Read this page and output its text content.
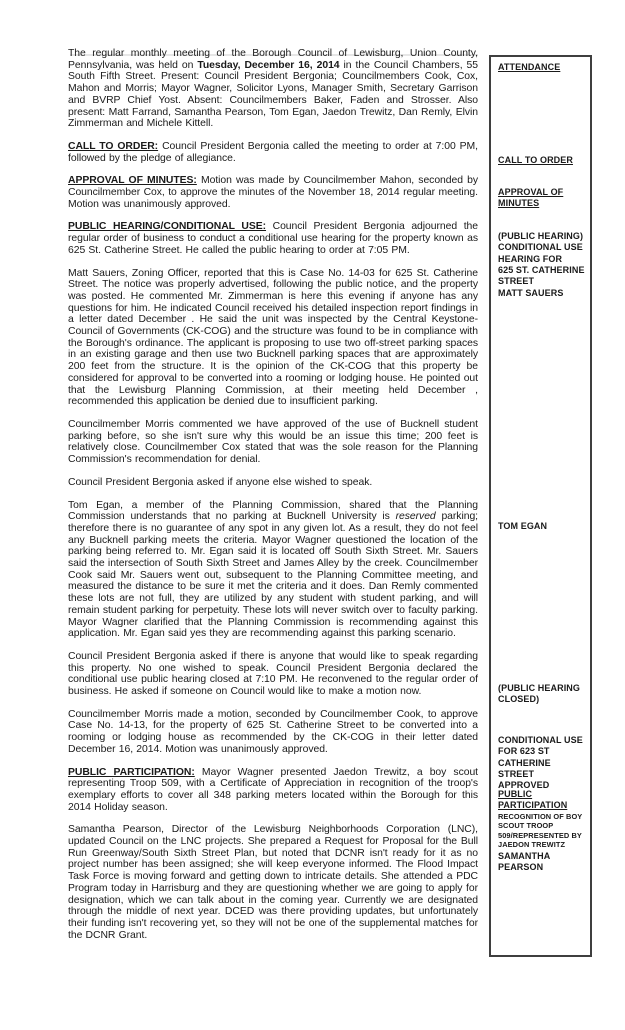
The regular monthly meeting of the Borough Council of Lewisburg, Union County, Pennsylvania, was held on Tuesday, December 16, 2014 in the Council Chambers, 55 South Fifth Street. Present: Council President Bergonia; Councilmembers Cook, Cox, Mahon and Morris; Mayor Wagner, Solicitor Lyons, Manager Smith, Secretary Garrison and BVRP Chief Yost. Absent: Councilmembers Baker, Faden and Strosser. Also present: Matt Farrand, Samantha Pearson, Tom Egan, Jaedon Trewitz, Dan Remly, Elvin Zimmerman and Michele Kittell.

CALL TO ORDER: Council President Bergonia called the meeting to order at 7:00 PM, followed by the pledge of allegiance.

APPROVAL OF MINUTES: Motion was made by Councilmember Mahon, seconded by Councilmember Cox, to approve the minutes of the November 18, 2014 regular meeting. Motion was unanimously approved.

PUBLIC HEARING/CONDITIONAL USE: Council President Bergonia adjourned the regular order of business to conduct a conditional use hearing for the property known as 625 St. Catherine Street. He called the public hearing to order at 7:05 PM.

Matt Sauers, Zoning Officer, reported that this is Case No. 14-03 for 625 St. Catherine Street. The notice was properly advertised, following the public notice, and the property was posted. He commented Mr. Zimmerman is here this evening if anyone has any questions for him. He indicated Council received his detailed inspection report findings in a letter dated December . He said the unit was inspected by the Central Keystone-Council of Governments (CK-COG) and the structure was found to be in compliance with the Borough's ordinance. The applicant is proposing to use two off-street parking spaces in an existing garage and then use two Bucknell parking spaces that are approximately 200 feet from the structure. It is the opinion of the CK-COG that this property be considered for approval to be converted into a rooming or lodging house. He pointed out that the Lewisburg Planning Commission, at their meeting held December , recommended this application be denied due to insufficient parking.

Councilmember Morris commented we have approved of the use of Bucknell student parking before, so she isn't sure why this would be an issue this time; 200 feet is relatively close. Councilmember Cox stated that was the sole reason for the Planning Commission's recommendation for denial.

Council President Bergonia asked if anyone else wished to speak.

Tom Egan, a member of the Planning Commission, shared that the Planning Commission understands that no parking at Bucknell University is reserved parking; therefore there is no guarantee of any spot in any given lot. As a result, they do not feel any Bucknell parking meets the criteria. Mayor Wagner questioned the location of the parking being referred to. Mr. Egan said it is located off South Sixth Street. Mr. Sauers said the intersection of South Sixth Street and James Alley by the creek. Councilmember Cook said Mr. Sauers went out, subsequent to the Planning Committee meeting, and measured the distance to be sure it met the criteria and it does. Dan Remly commented these lots are not full, they are utilized by any student with student parking, and will remain student parking for perpetuity. These lots will never switch over to faculty parking. Mayor Wagner clarified that the Planning Commission is recommending against this application. Mr. Egan said yes they are recommending against this parking scenario.

Council President Bergonia asked if there is anyone that would like to speak regarding this property. No one wished to speak. Council President Bergonia declared the conditional use public hearing closed at 7:10 PM. He reconvened to the regular order of business. He asked if someone on Council would like to make a motion now.

Councilmember Morris made a motion, seconded by Councilmember Cook, to approve Case No. 14-13, for the property of 625 St. Catherine Street to be converted into a rooming or lodging house as recommended by the CK-COG in their letter dated December 16, 2014. Motion was unanimously approved.

PUBLIC PARTICIPATION: Mayor Wagner presented Jaedon Trewitz, a boy scout representing Troop 509, with a Certificate of Appreciation in recognition of the troop's exemplary efforts to cover all 348 parking meters located within the Borough for this 2014 Holiday season.

Samantha Pearson, Director of the Lewisburg Neighborhoods Corporation (LNC), updated Council on the LNC projects. She prepared a Request for Proposal for the Bull Run Greenway/South Sixth Street Plan, but noted that DCNR isn't ready for it as no project number has been assigned; she will keep everyone informed. The Flood Impact Task Force is moving forward and getting down to intricate details. She attended a PDC Program today in Harrisburg and they are questioning whether we are going to apply for designation, which we can talk about in the coming year. Currently we are designated through the middle of next year. DCED was there providing updates, but unfortunately their funding isn't recovering yet, so they will not be one of the supplemental matches for the DCNR Grant.

ATTENDANCE
CALL TO ORDER
APPROVAL OF
MINUTES
(PUBLIC HEARING)
CONDITIONAL USE
HEARING FOR
625 ST. CATHERINE
STREET
MATT SAUERS
TOM EGAN
(PUBLIC HEARING
CLOSED)
CONDITIONAL USE
FOR 623 ST
CATHERINE STREET
APPROVED
PUBLIC
PARTICIPATION
RECOGNITION OF BOY
SCOUT TROOP
509/REPRESENTED BY
JAEDON TREWITZ
SAMANTHA
PEARSON
